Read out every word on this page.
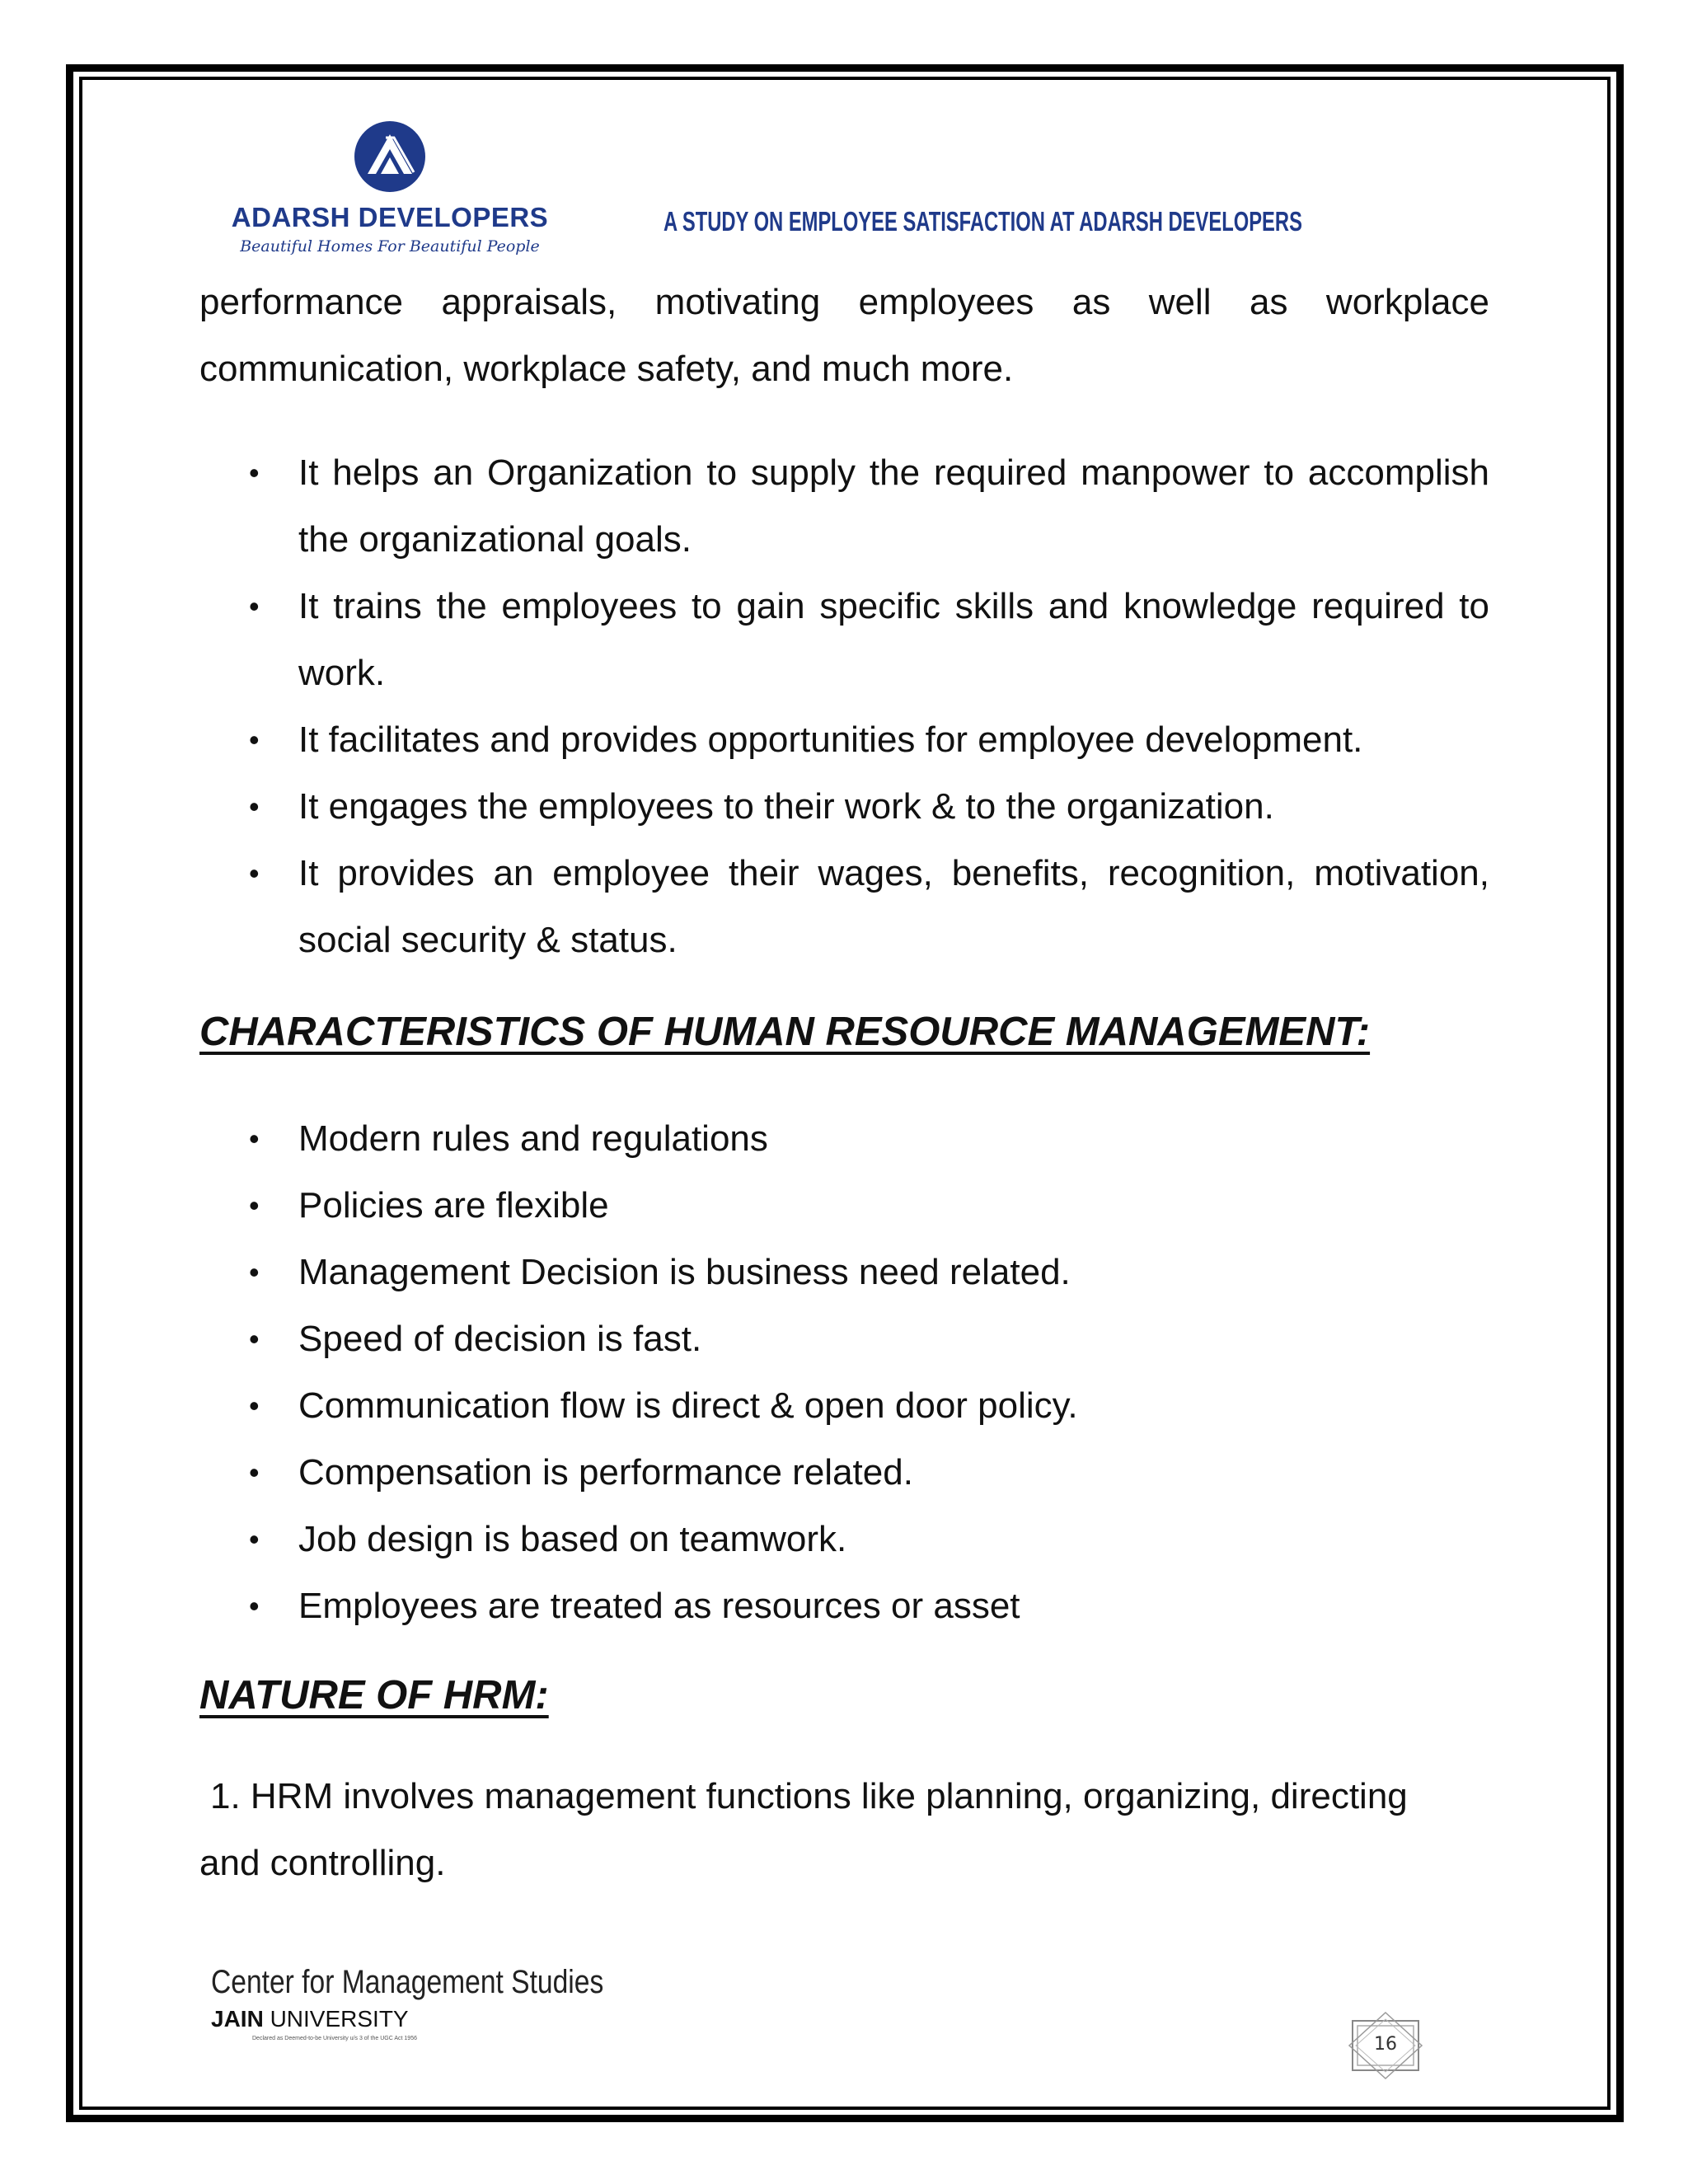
ADARSH DEVELOPERS
Beautiful Homes For Beautiful People
A STUDY ON EMPLOYEE SATISFACTION AT ADARSH DEVELOPERS

performance appraisals, motivating employees as well as workplace communication, workplace safety, and much more.

• It helps an Organization to supply the required manpower to accomplish the organizational goals.
• It trains the employees to gain specific skills and knowledge required to work.
• It facilitates and provides opportunities for employee development.
• It engages the employees to their work & to the organization.
• It provides an employee their wages, benefits, recognition, motivation, social security & status.
CHARACTERISTICS OF HUMAN RESOURCE MANAGEMENT:
• Modern rules and regulations
• Policies are flexible
• Management Decision is business need related.
• Speed of decision is fast.
• Communication flow is direct & open door policy.
• Compensation is performance related.
• Job design is based on teamwork.
• Employees are treated as resources or asset
NATURE OF HRM:

1. HRM involves management functions like planning, organizing, directing

and controlling.

Center for Management Studies
JAIN UNIVERSITY
Declared as Deemed-to-be University u/s 3 of the UGC Act 1956	16
